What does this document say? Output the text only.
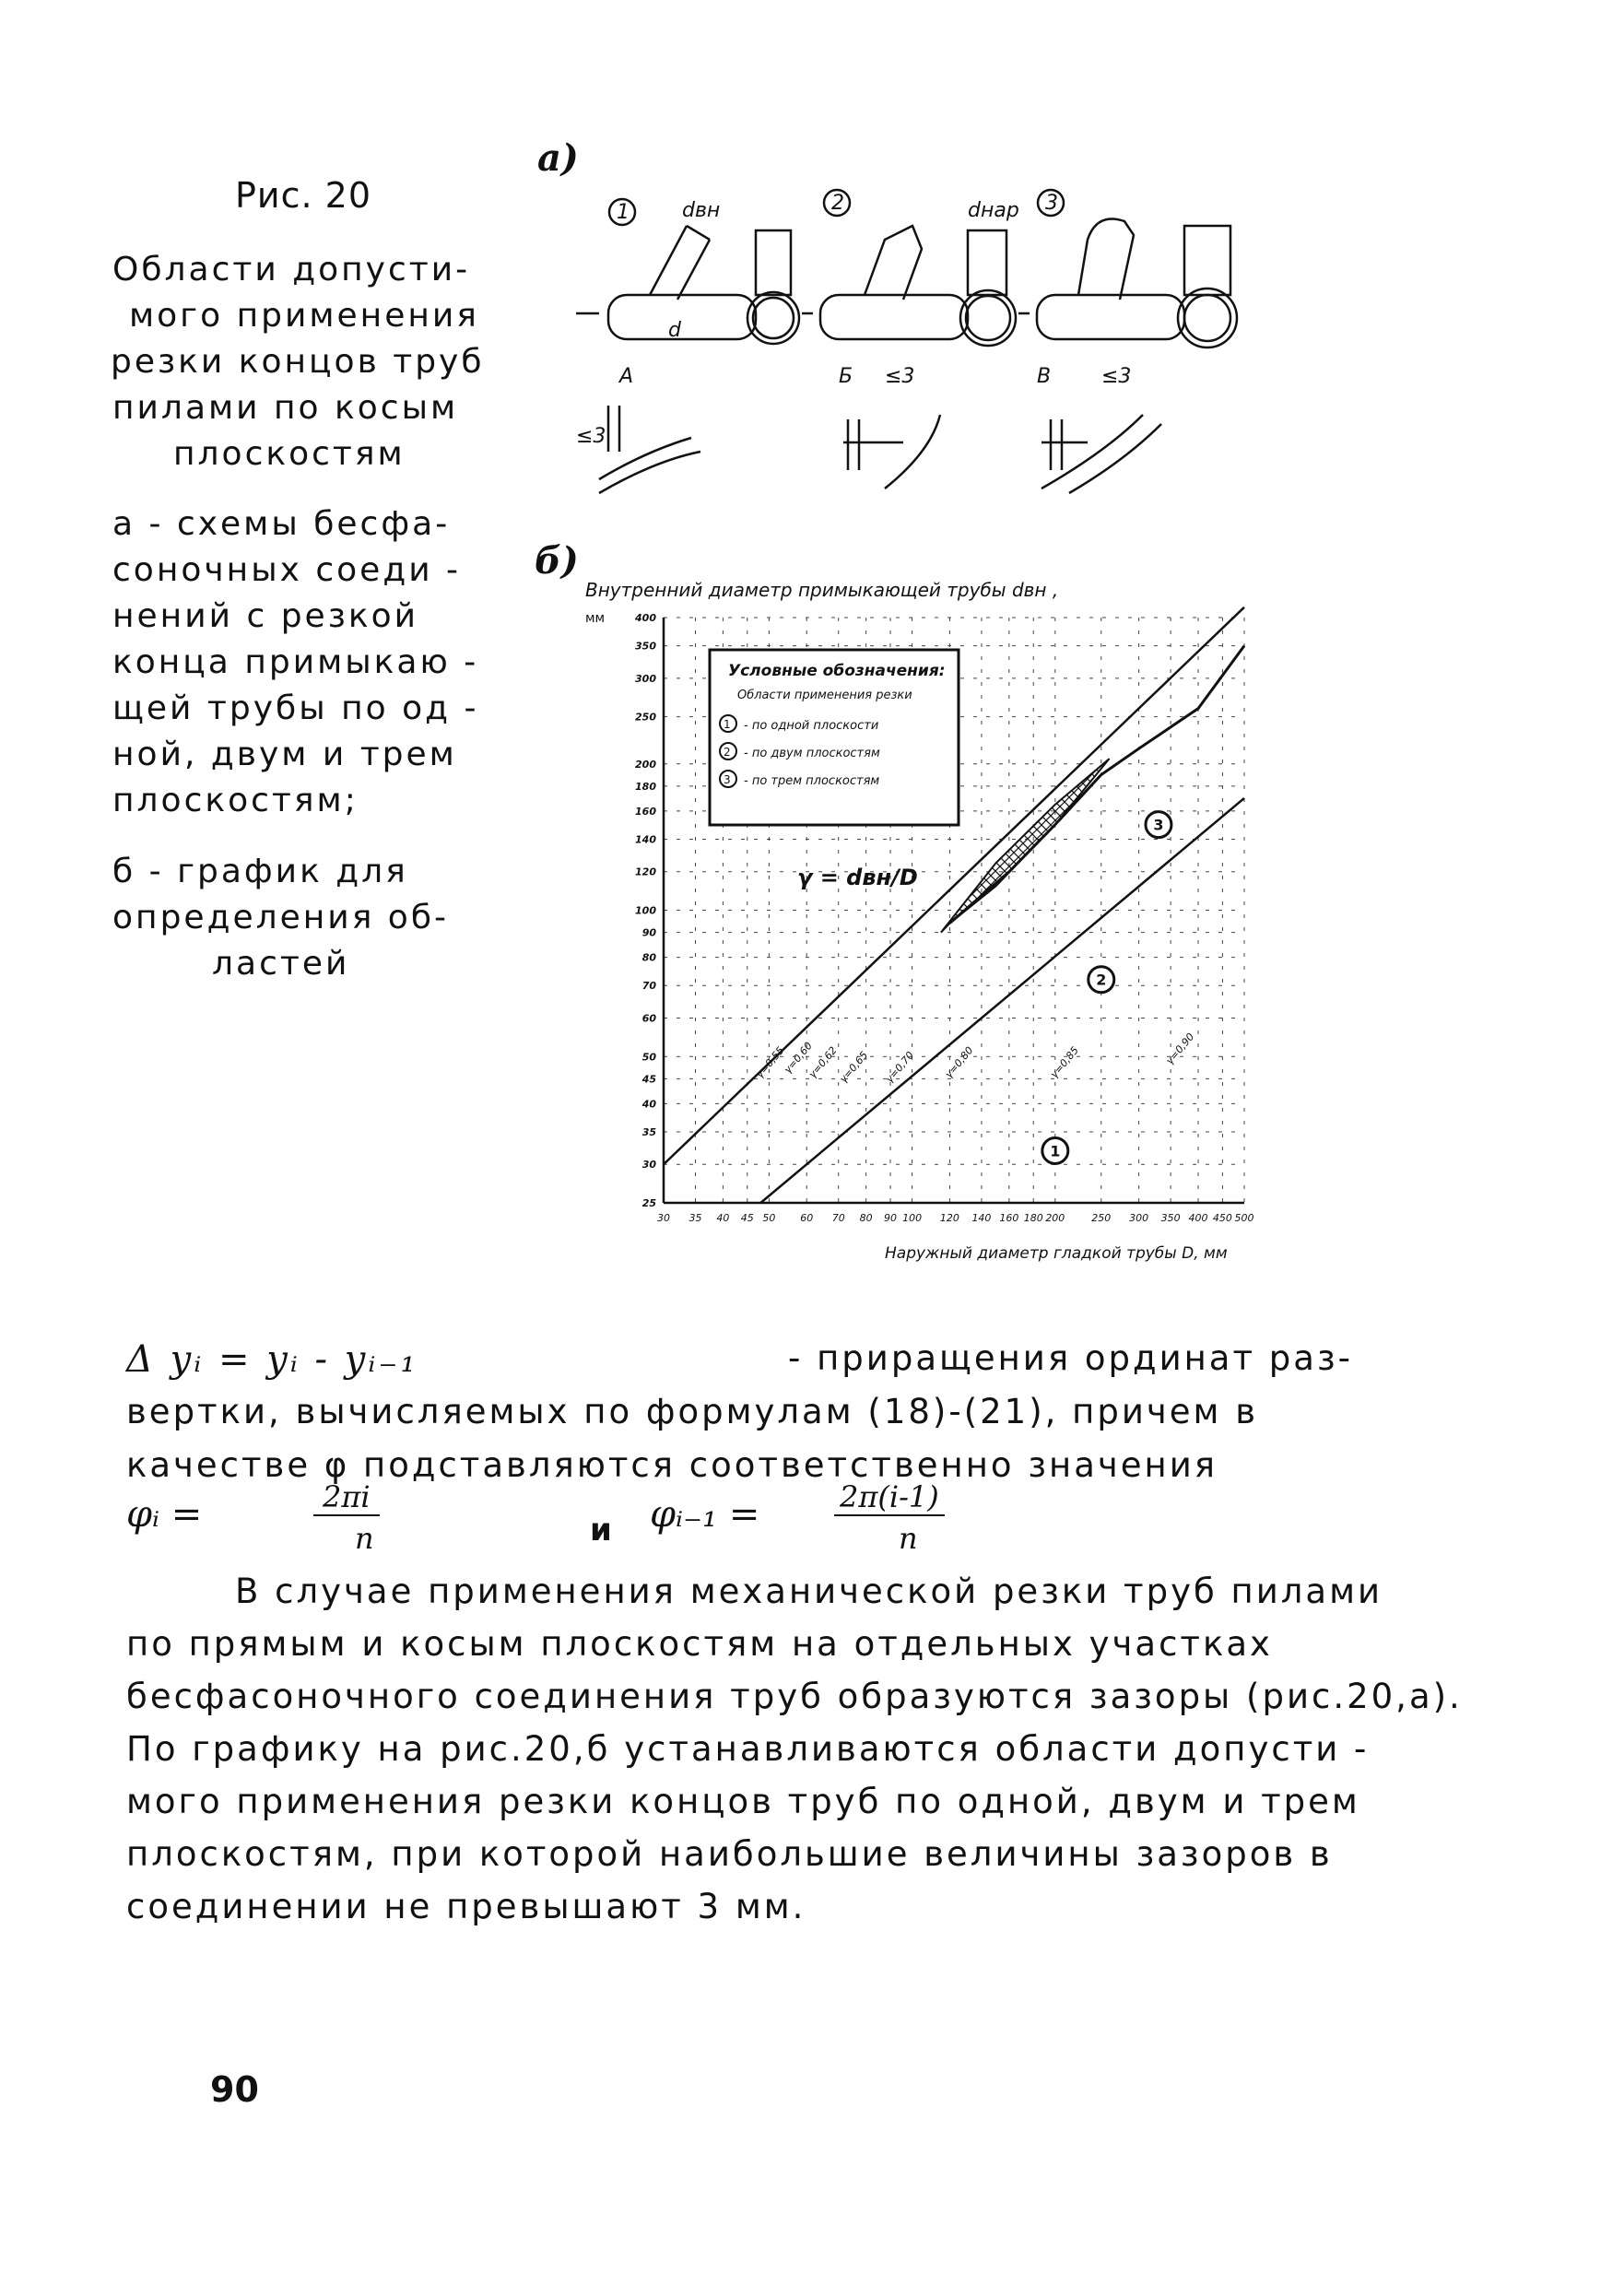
Рис. 20
Области допусти-
мого применения
резки концов труб
пилами по косым
плоскостям
а - схемы бесфа-
соночных соеди -
нений с резкой
конца примыкаю -
щей трубы по од -
ной, двум и трем
плоскостям;
б - график для
определения об-
ластей
а)
1	2	3
А	Б	В
≤3
≤3	≤3
dвн	dнар
d
б)
Внутренний диаметр примыкающей трубы dвн ,
мм
30 35 40 45 50 60 70 80 90 100 120 140 160 180 200	250 300 350 400 450 500
25
30
35
40
45
50
60
70
80
90
100
120
140
160
180
200
250
300
350
400
1
2
3
γ=0,55
γ=0,60
γ=0,62
γ=0,65 γ=0,70	γ=0,80	γ=0,85	γ=0,90
Условные обозначения:
Области применения резки
1 - по одной плоскости
2 - по двум плоскостям
3 - по трем плоскостям
γ = dвн/D
Наружный диаметр гладкой трубы D, мм
Δ yᵢ = yᵢ - yᵢ₋₁	- приращения ординат раз-
вертки, вычисляемых по формулам (18)-(21), причем в
качестве φ подставляются соответственно значения
φᵢ =	2πi
n	и φᵢ₋₁ =	2π(i-1)
n
В случае применения механической резки труб пилами
по прямым и косым плоскостям на отдельных участках
бесфасоночного соединения труб образуются зазоры (рис.20,а).
По графику на рис.20,б устанавливаются области допусти -
мого применения резки концов труб по одной, двум и трем
плоскостям, при которой наибольшие величины зазоров в
соединении не превышают 3 мм.
90
